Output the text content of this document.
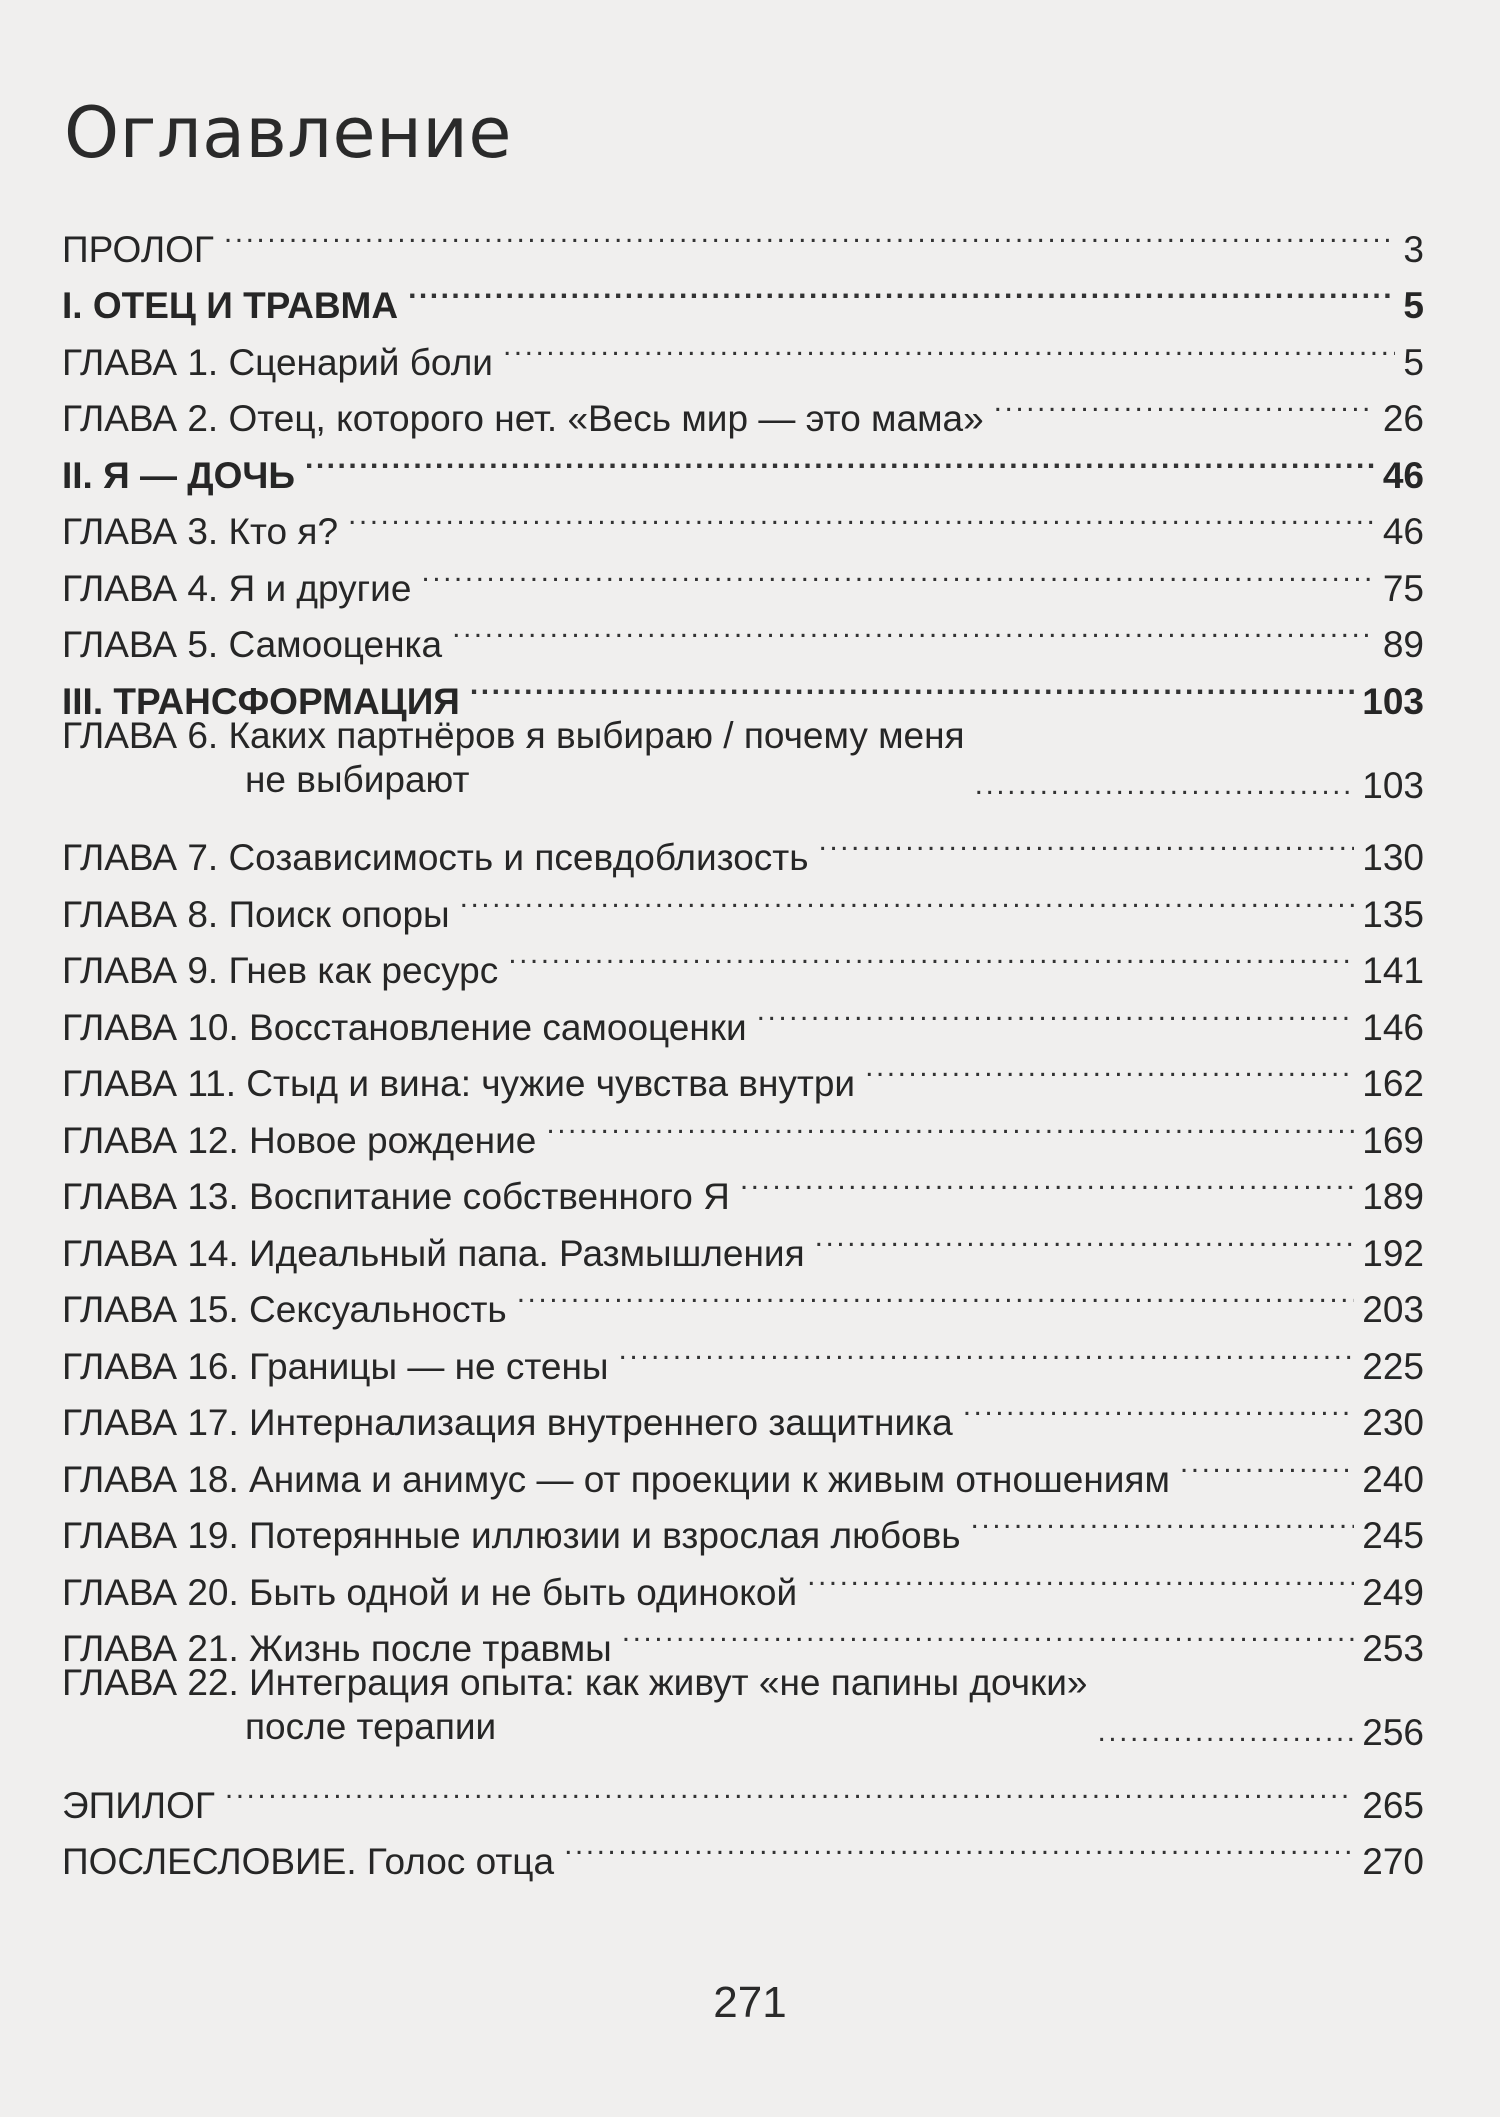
Оглавление
ПРОЛОГ .....	3
I. ОТЕЦ И ТРАВМА .....	5
ГЛАВА 1. Сценарий боли .....	5
ГЛАВА 2. Отец, которого нет. «Весь мир — это мама» .....	26
II. Я — ДОЧЬ .....	46
ГЛАВА 3. Кто я? .....	46
ГЛАВА 4. Я и другие .....	75
ГЛАВА 5. Самооценка .....	89
III. ТРАНСФОРМАЦИЯ .....	103
ГЛАВА 6. Каких партнёров я выбираю / почему меня
не выбирают .....	103
ГЛАВА 7. Созависимость и псевдоблизость .....	130
ГЛАВА 8. Поиск опоры .....	135
ГЛАВА 9. Гнев как ресурс .....	141
ГЛАВА 10. Восстановление самооценки .....	146
ГЛАВА 11. Стыд и вина: чужие чувства внутри .....	162
ГЛАВА 12. Новое рождение .....	169
ГЛАВА 13. Воспитание собственного Я .....	189
ГЛАВА 14. Идеальный папа. Размышления .....	192
ГЛАВА 15. Сексуальность .....	203
ГЛАВА 16. Границы — не стены .....	225
ГЛАВА 17. Интернализация внутреннего защитника .....	230
ГЛАВА 18. Анима и анимус — от проекции к живым отношениям .....	240
ГЛАВА 19. Потерянные иллюзии и взрослая любовь .....	245
ГЛАВА 20. Быть одной и не быть одинокой .....	249
ГЛАВА 21. Жизнь после травмы .....	253
ГЛАВА 22. Интеграция опыта: как живут «не папины дочки»
после терапии .....	256
ЭПИЛОГ .....	265
ПОСЛЕСЛОВИЕ. Голос отца .....	270
271
